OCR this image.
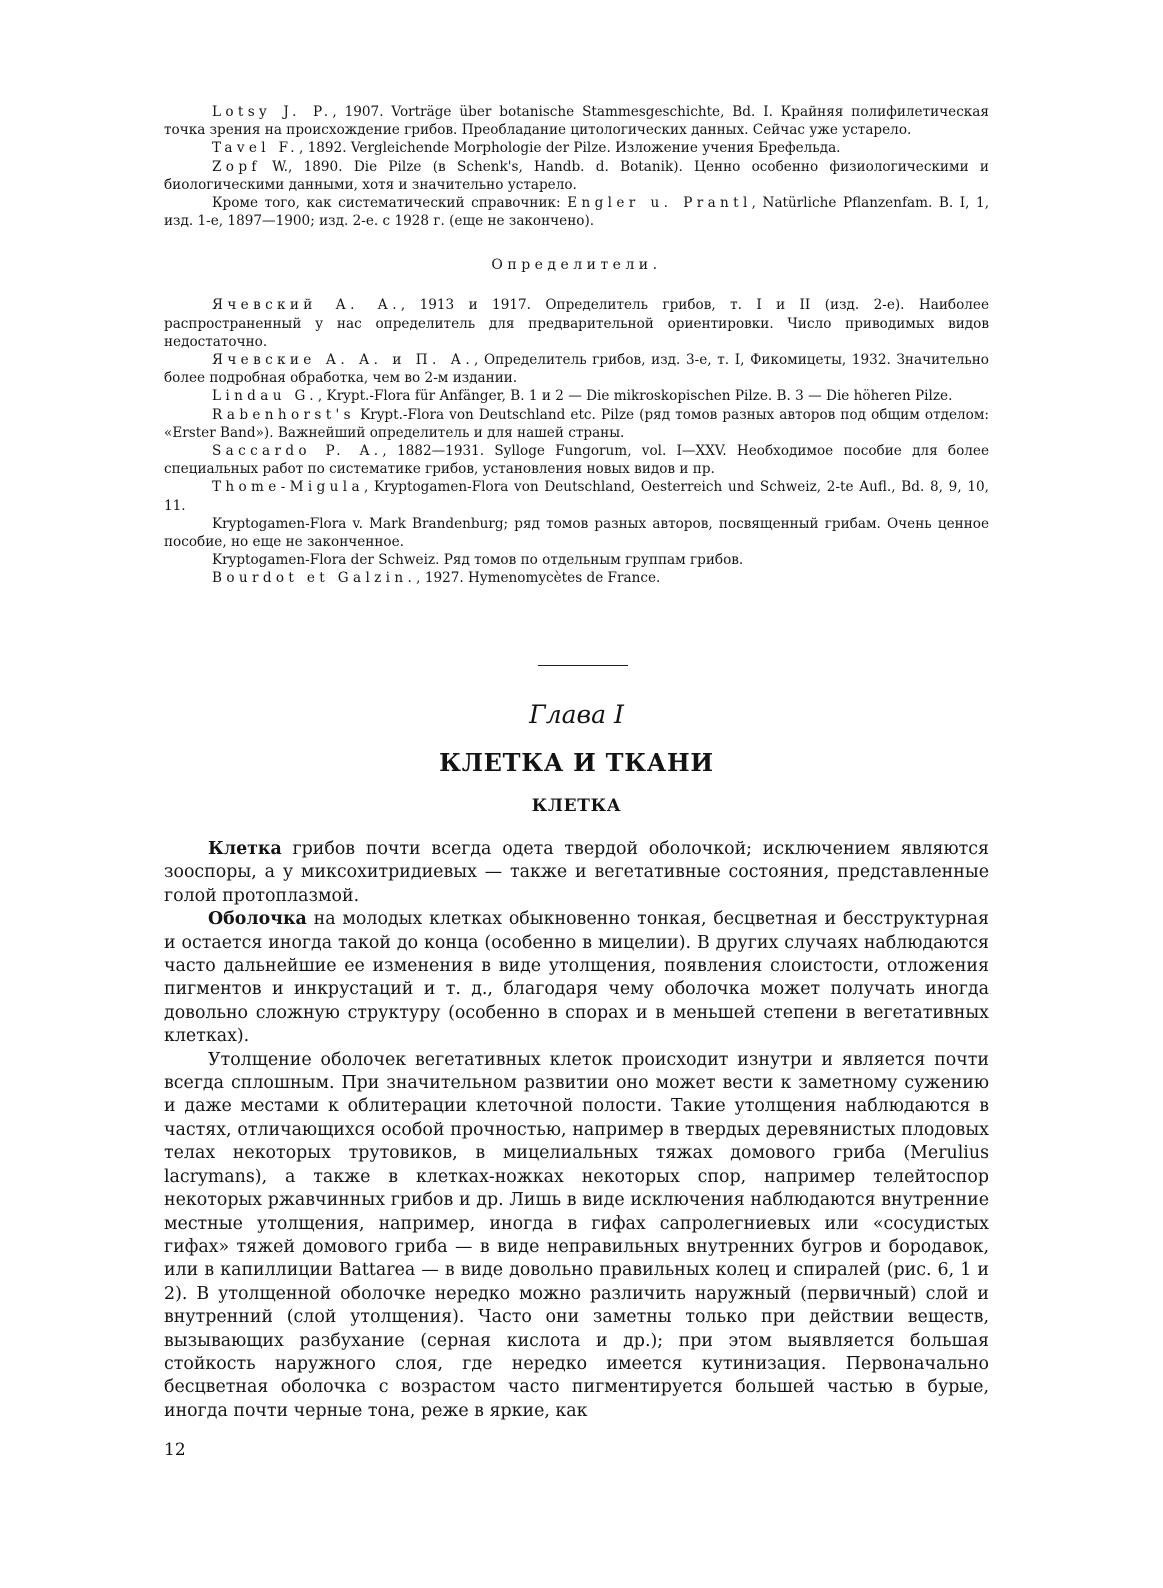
Lotsy J. P., 1907. Vorträge über botanische Stammesgeschichte, Bd. I. Крайняя полифилетическая точка зрения на происхождение грибов. Преобладание цитологических данных. Сейчас уже устарело.

Tavel F., 1892. Vergleichende Morphologie der Pilze. Изложение учения Брефельда.

Zopf W., 1890. Die Pilze (в Schenk's, Handb. d. Botanik). Ценно особенно физиологическими и биологическими данными, хотя и значительно устарело.

Кроме того, как систематический справочник: Engler u. Prantl, Natürliche Pflanzenfam. B. I, 1, изд. 1-е, 1897—1900; изд. 2-е. с 1928 г. (еще не закончено).

Определители.

Ячевский А. А., 1913 и 1917. Определитель грибов, т. I и II (изд. 2-е). Наиболее распространенный у нас определитель для предварительной ориентировки. Число приводимых видов недостаточно.

Ячевские А. А. и П. А., Определитель грибов, изд. 3-е, т. I, Фикомицеты, 1932. Значительно более подробная обработка, чем во 2-м издании.

Lindau G., Krypt.-Flora für Anfänger, B. 1 и 2 — Die mikroskopischen Pilze. B. 3 — Die höheren Pilze.

Rabenhorst's Krypt.-Flora von Deutschland etc. Pilze (ряд томов разных авторов под общим отделом: «Erster Band»). Важнейший определитель и для нашей страны.

Saccardo P. A., 1882—1931. Sylloge Fungorum, vol. I—XXV. Необходимое пособие для более специальных работ по систематике грибов, установления новых видов и пр.

Thome-Migula, Kryptogamen-Flora von Deutschland, Oesterreich und Schweiz, 2-te Aufl., Bd. 8, 9, 10, 11.

Kryptogamen-Flora v. Mark Brandenburg; ряд томов разных авторов, посвященный грибам. Очень ценное пособие, но еще не законченное.

Kryptogamen-Flora der Schweiz. Ряд томов по отдельным группам грибов.

Bourdot et Galzin., 1927. Hymenomycètes de France.

Глава I
КЛЕТКА И ТКАНИ
КЛЕТКА

Клетка грибов почти всегда одета твердой оболочкой; исключением являются зооспоры, а у миксохитридиевых — также и вегетативные состояния, представленные голой протоплазмой.

Оболочка на молодых клетках обыкновенно тонкая, бесцветная и бесструктурная и остается иногда такой до конца (особенно в мицелии). В других случаях наблюдаются часто дальнейшие ее изменения в виде утолщения, появления слоистости, отложения пигментов и инкрустаций и т. д., благодаря чему оболочка может получать иногда довольно сложную структуру (особенно в спорах и в меньшей степени в вегетативных клетках).

Утолщение оболочек вегетативных клеток происходит изнутри и является почти всегда сплошным. При значительном развитии оно может вести к заметному сужению и даже местами к облитерации клеточной полости. Такие утолщения наблюдаются в частях, отличающихся особой прочностью, например в твердых деревянистых плодовых телах некоторых трутовиков, в мицелиальных тяжах домового гриба (Merulius lacrymans), а также в клетках-ножках некоторых спор, например телейтоспор некоторых ржавчинных грибов и др. Лишь в виде исключения наблюдаются внутренние местные утолщения, например, иногда в гифах сапролегниевых или «сосудистых гифах» тяжей домового гриба — в виде неправильных внутренних бугров и бородавок, или в капиллиции Battarea — в виде довольно правильных колец и спиралей (рис. 6, 1 и 2). В утолщенной оболочке нередко можно различить наружный (первичный) слой и внутренний (слой утолщения). Часто они заметны только при действии веществ, вызывающих разбухание (серная кислота и др.); при этом выявляется большая стойкость наружного слоя, где нередко имеется кутинизация. Первоначально бесцветная оболочка с возрастом часто пигментируется большей частью в бурые, иногда почти черные тона, реже в яркие, как

12
